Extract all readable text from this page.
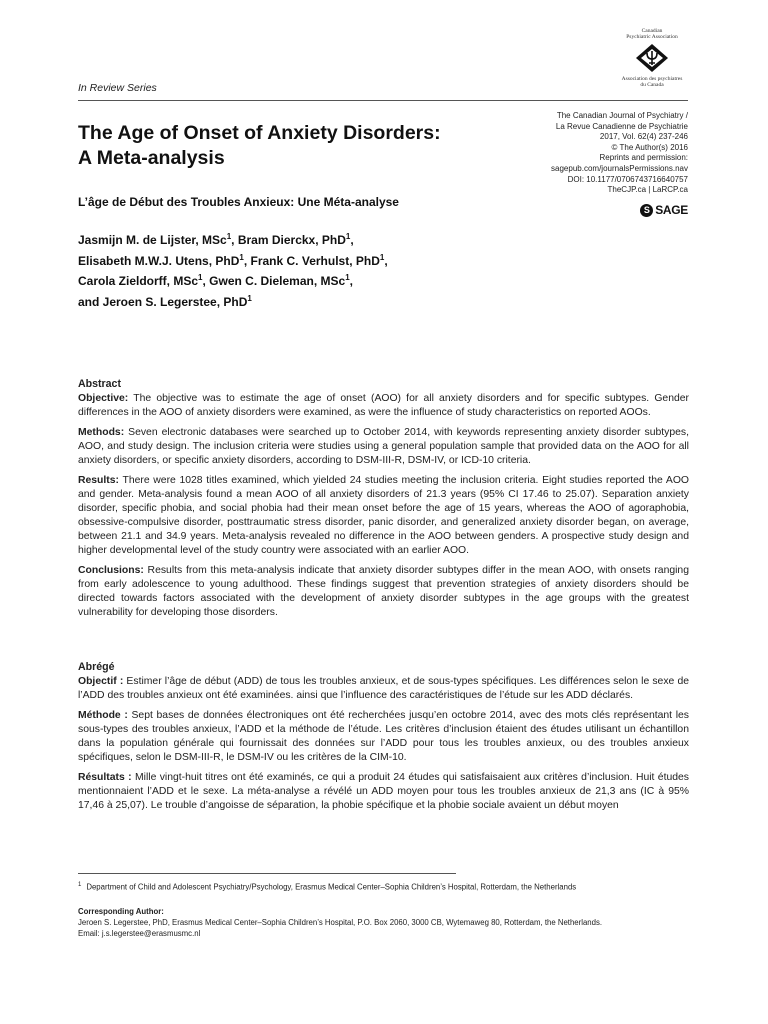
Canadian
Psychiatric Association
Association des psychiatres
du Canada
In Review Series
The Canadian Journal of Psychiatry /
La Revue Canadienne de Psychiatrie
2017, Vol. 62(4) 237-246
© The Author(s) 2016
Reprints and permission:
sagepub.com/journalsPermissions.nav
DOI: 10.1177/0706743716640757
TheCJP.ca | LaRCP.ca
S SAGE
The Age of Onset of Anxiety Disorders:
A Meta-analysis
L’âge de Début des Troubles Anxieux: Une Méta-analyse
Jasmijn M. de Lijster, MSc$^1$, Bram Dierckx, PhD$^1$,
Elisabeth M.W.J. Utens, PhD$^1$, Frank C. Verhulst, PhD$^1$,
Carola Zieldorff, MSc$^1$, Gwen C. Dieleman, MSc$^1$,
and Jeroen S. Legerstee, PhD$^1$
Abstract

Objective: The objective was to estimate the age of onset (AOO) for all anxiety disorders and for specific subtypes. Gender differences in the AOO of anxiety disorders were examined, as were the influence of study characteristics on reported AOOs.

Methods: Seven electronic databases were searched up to October 2014, with keywords representing anxiety disorder subtypes, AOO, and study design. The inclusion criteria were studies using a general population sample that provided data on the AOO for all anxiety disorders, or specific anxiety disorders, according to DSM-III-R, DSM-IV, or ICD-10 criteria.

Results: There were 1028 titles examined, which yielded 24 studies meeting the inclusion criteria. Eight studies reported the AOO and gender. Meta-analysis found a mean AOO of all anxiety disorders of 21.3 years (95% CI 17.46 to 25.07). Separation anxiety disorder, specific phobia, and social phobia had their mean onset before the age of 15 years, whereas the AOO of agoraphobia, obsessive-compulsive disorder, posttraumatic stress disorder, panic disorder, and generalized anxiety disorder began, on average, between 21.1 and 34.9 years. Meta-analysis revealed no difference in the AOO between genders. A prospective study design and higher developmental level of the study country were associated with an earlier AOO.

Conclusions: Results from this meta-analysis indicate that anxiety disorder subtypes differ in the mean AOO, with onsets ranging from early adolescence to young adulthood. These findings suggest that prevention strategies of anxiety disorders should be directed towards factors associated with the development of anxiety disorder subtypes in the age groups with the greatest vulnerability for developing those disorders.

Abrégé

Objectif : Estimer l’âge de début (ADD) de tous les troubles anxieux, et de sous-types spécifiques. Les différences selon le sexe de l’ADD des troubles anxieux ont été examinées. ainsi que l’influence des caractéristiques de l’étude sur les ADD déclarés.

Méthode : Sept bases de données électroniques ont été recherchées jusqu’en octobre 2014, avec des mots clés représentant les sous-types des troubles anxieux, l’ADD et la méthode de l’étude. Les critères d’inclusion étaient des études utilisant un échantillon dans la population générale qui fournissait des données sur l’ADD pour tous les troubles anxieux, ou des troubles anxieux spécifiques, selon le DSM-III-R, le DSM-IV ou les critères de la CIM-10.

Résultats : Mille vingt-huit titres ont été examinés, ce qui a produit 24 études qui satisfaisaient aux critères d’inclusion. Huit études mentionnaient l’ADD et le sexe. La méta-analyse a révélé un ADD moyen pour tous les troubles anxieux de 21,3 ans (IC à 95% 17,46 à 25,07). Le trouble d’angoisse de séparation, la phobie spécifique et la phobie sociale avaient un début moyen

$^1$ Department of Child and Adolescent Psychiatry/Psychology, Erasmus Medical Center–Sophia Children’s Hospital, Rotterdam, the Netherlands
Corresponding Author:
Jeroen S. Legerstee, PhD, Erasmus Medical Center–Sophia Children’s Hospital, P.O. Box 2060, 3000 CB, Wytemaweg 80, Rotterdam, the Netherlands.
Email: j.s.legerstee@erasmusmc.nl
